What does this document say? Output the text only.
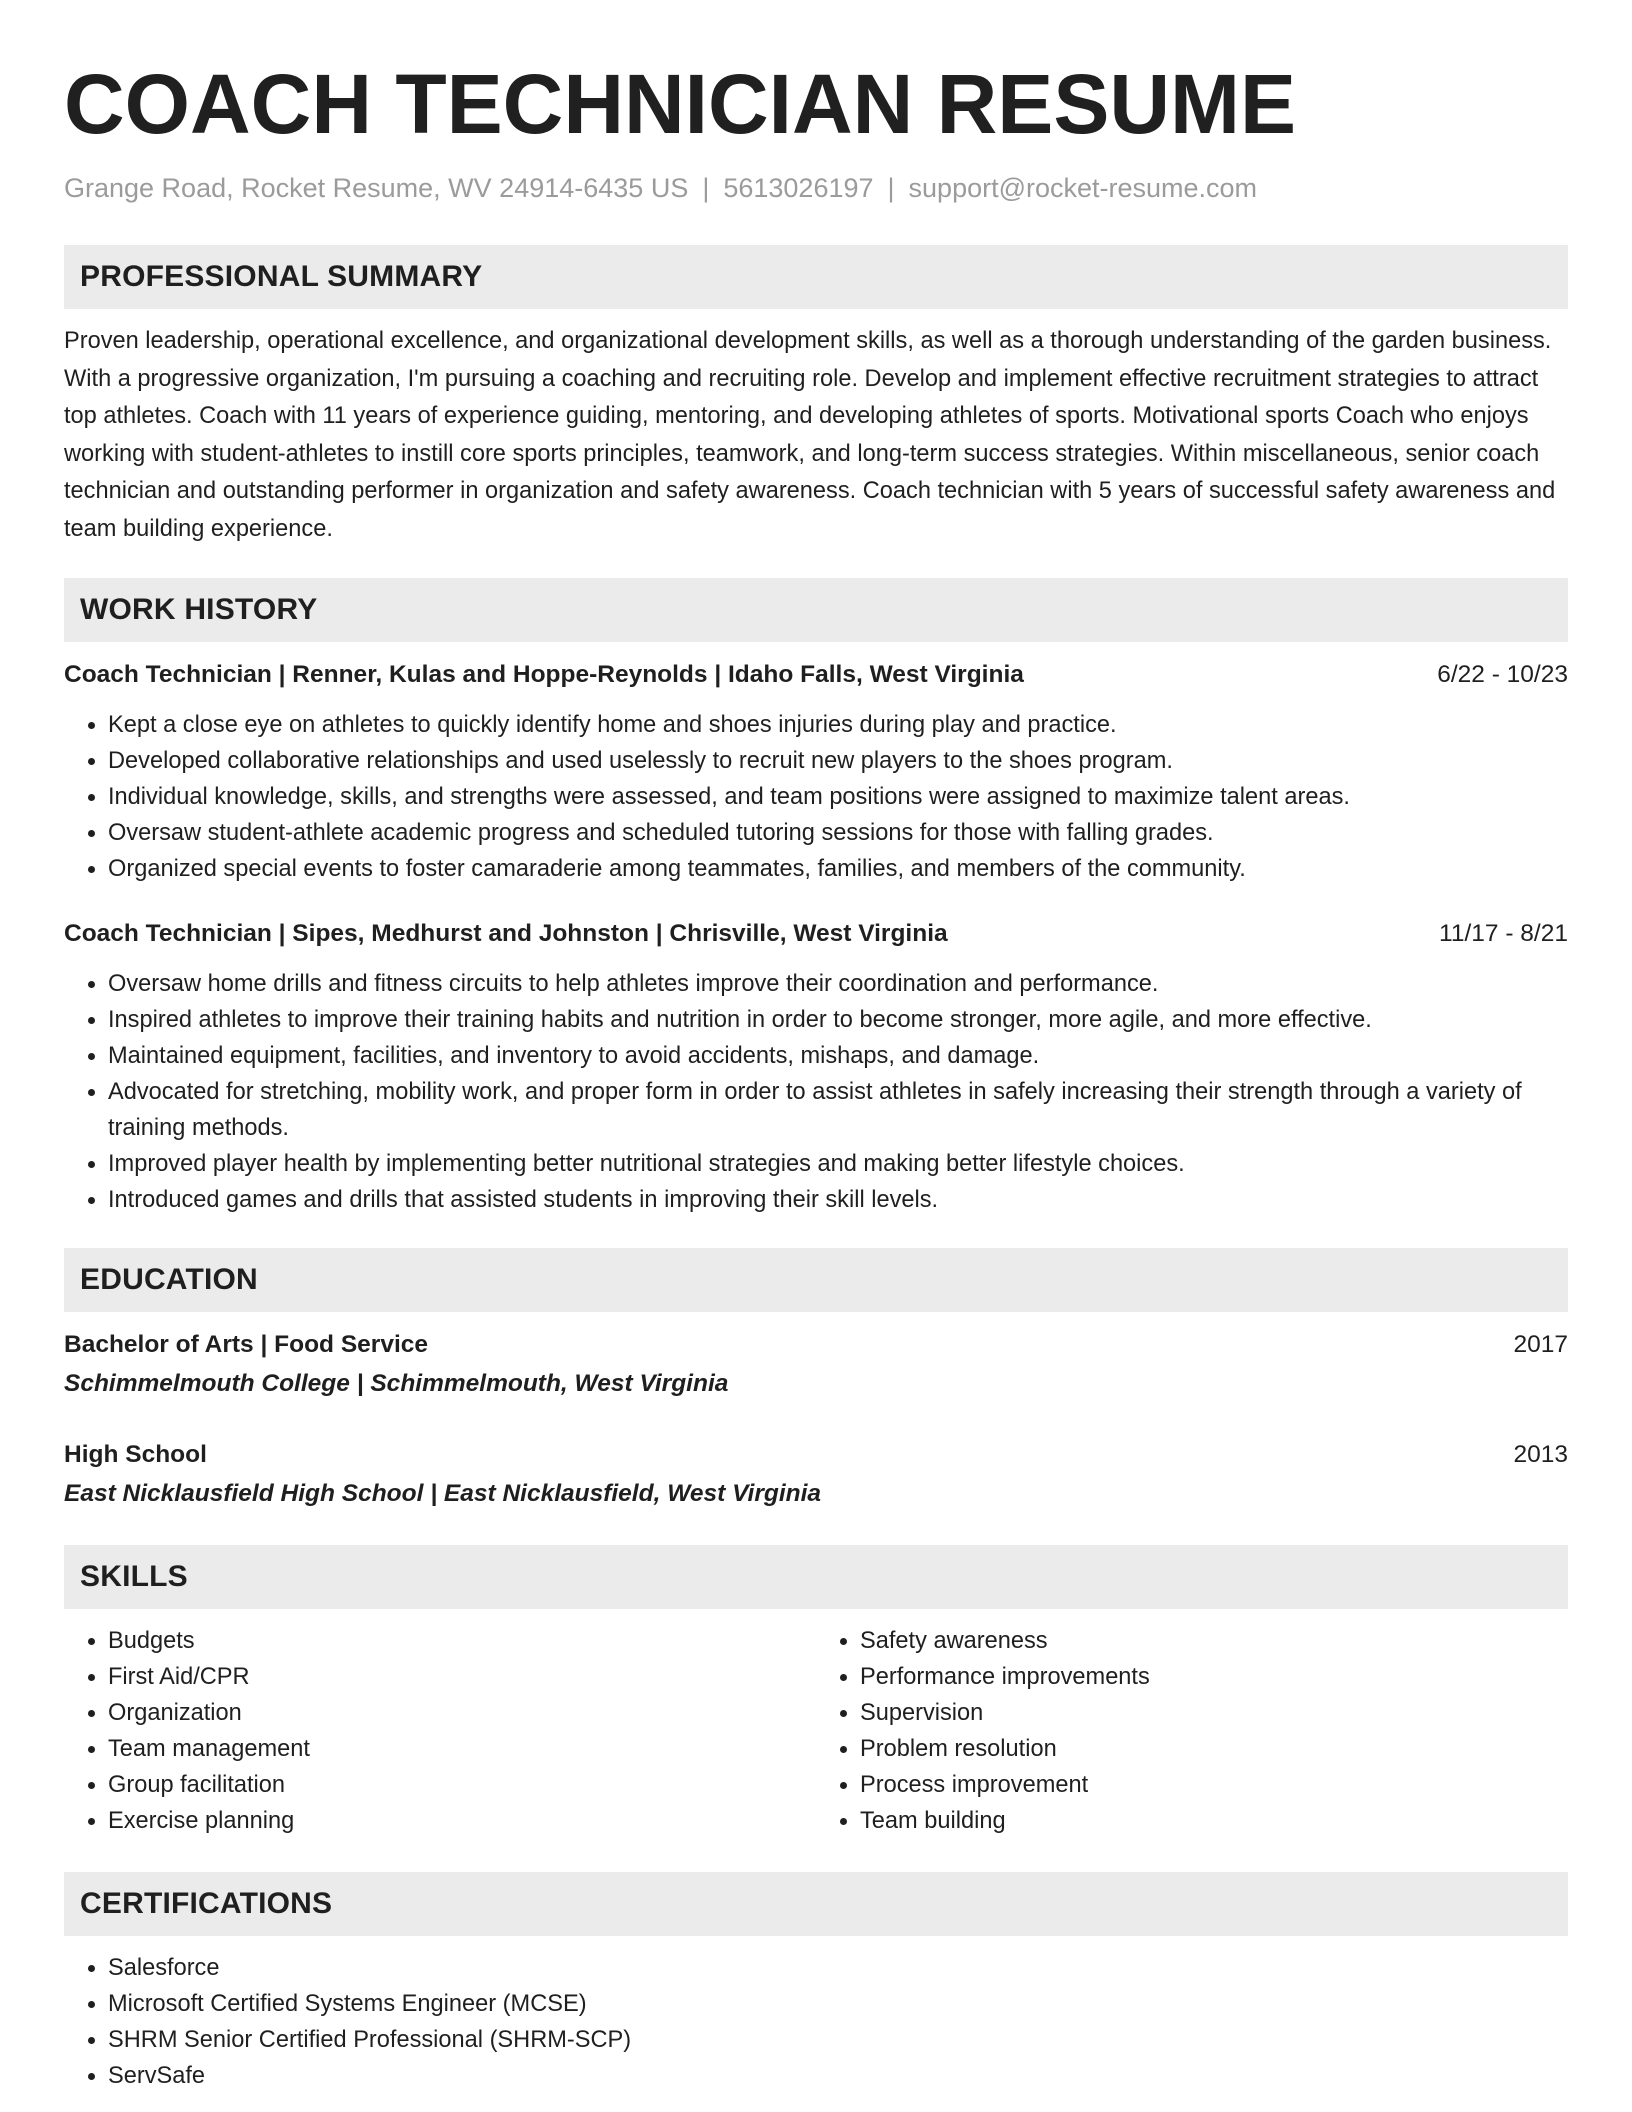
COACH TECHNICIAN RESUME
Grange Road, Rocket Resume, WV 24914-6435 US | 5613026197 | support@rocket-resume.com
PROFESSIONAL SUMMARY

Proven leadership, operational excellence, and organizational development skills, as well as a thorough understanding of the garden business. With a progressive organization, I'm pursuing a coaching and recruiting role. Develop and implement effective recruitment strategies to attract top athletes. Coach with 11 years of experience guiding, mentoring, and developing athletes of sports. Motivational sports Coach who enjoys working with student-athletes to instill core sports principles, teamwork, and long-term success strategies. Within miscellaneous, senior coach technician and outstanding performer in organization and safety awareness. Coach technician with 5 years of successful safety awareness and team building experience.

WORK HISTORY
Coach Technician | Renner, Kulas and Hoppe-Reynolds | Idaho Falls, West Virginia	6/22 - 10/23
• Kept a close eye on athletes to quickly identify home and shoes injuries during play and practice.
• Developed collaborative relationships and used uselessly to recruit new players to the shoes program.
• Individual knowledge, skills, and strengths were assessed, and team positions were assigned to maximize talent areas.
• Oversaw student-athlete academic progress and scheduled tutoring sessions for those with falling grades.
• Organized special events to foster camaraderie among teammates, families, and members of the community.
Coach Technician | Sipes, Medhurst and Johnston | Chrisville, West Virginia	11/17 - 8/21
• Oversaw home drills and fitness circuits to help athletes improve their coordination and performance.
• Inspired athletes to improve their training habits and nutrition in order to become stronger, more agile, and more effective.
• Maintained equipment, facilities, and inventory to avoid accidents, mishaps, and damage.
• Advocated for stretching, mobility work, and proper form in order to assist athletes in safely increasing their strength through a variety of training methods.
• Improved player health by implementing better nutritional strategies and making better lifestyle choices.
• Introduced games and drills that assisted students in improving their skill levels.
EDUCATION
Bachelor of Arts | Food Service	2017
Schimmelmouth College | Schimmelmouth, West Virginia
High School	2013
East Nicklausfield High School | East Nicklausfield, West Virginia
SKILLS
• Budgets
• First Aid/CPR
• Organization
• Team management
• Group facilitation
• Exercise planning
• Safety awareness
• Performance improvements
• Supervision
• Problem resolution
• Process improvement
• Team building
CERTIFICATIONS
• Salesforce
• Microsoft Certified Systems Engineer (MCSE)
• SHRM Senior Certified Professional (SHRM-SCP)
• ServSafe
